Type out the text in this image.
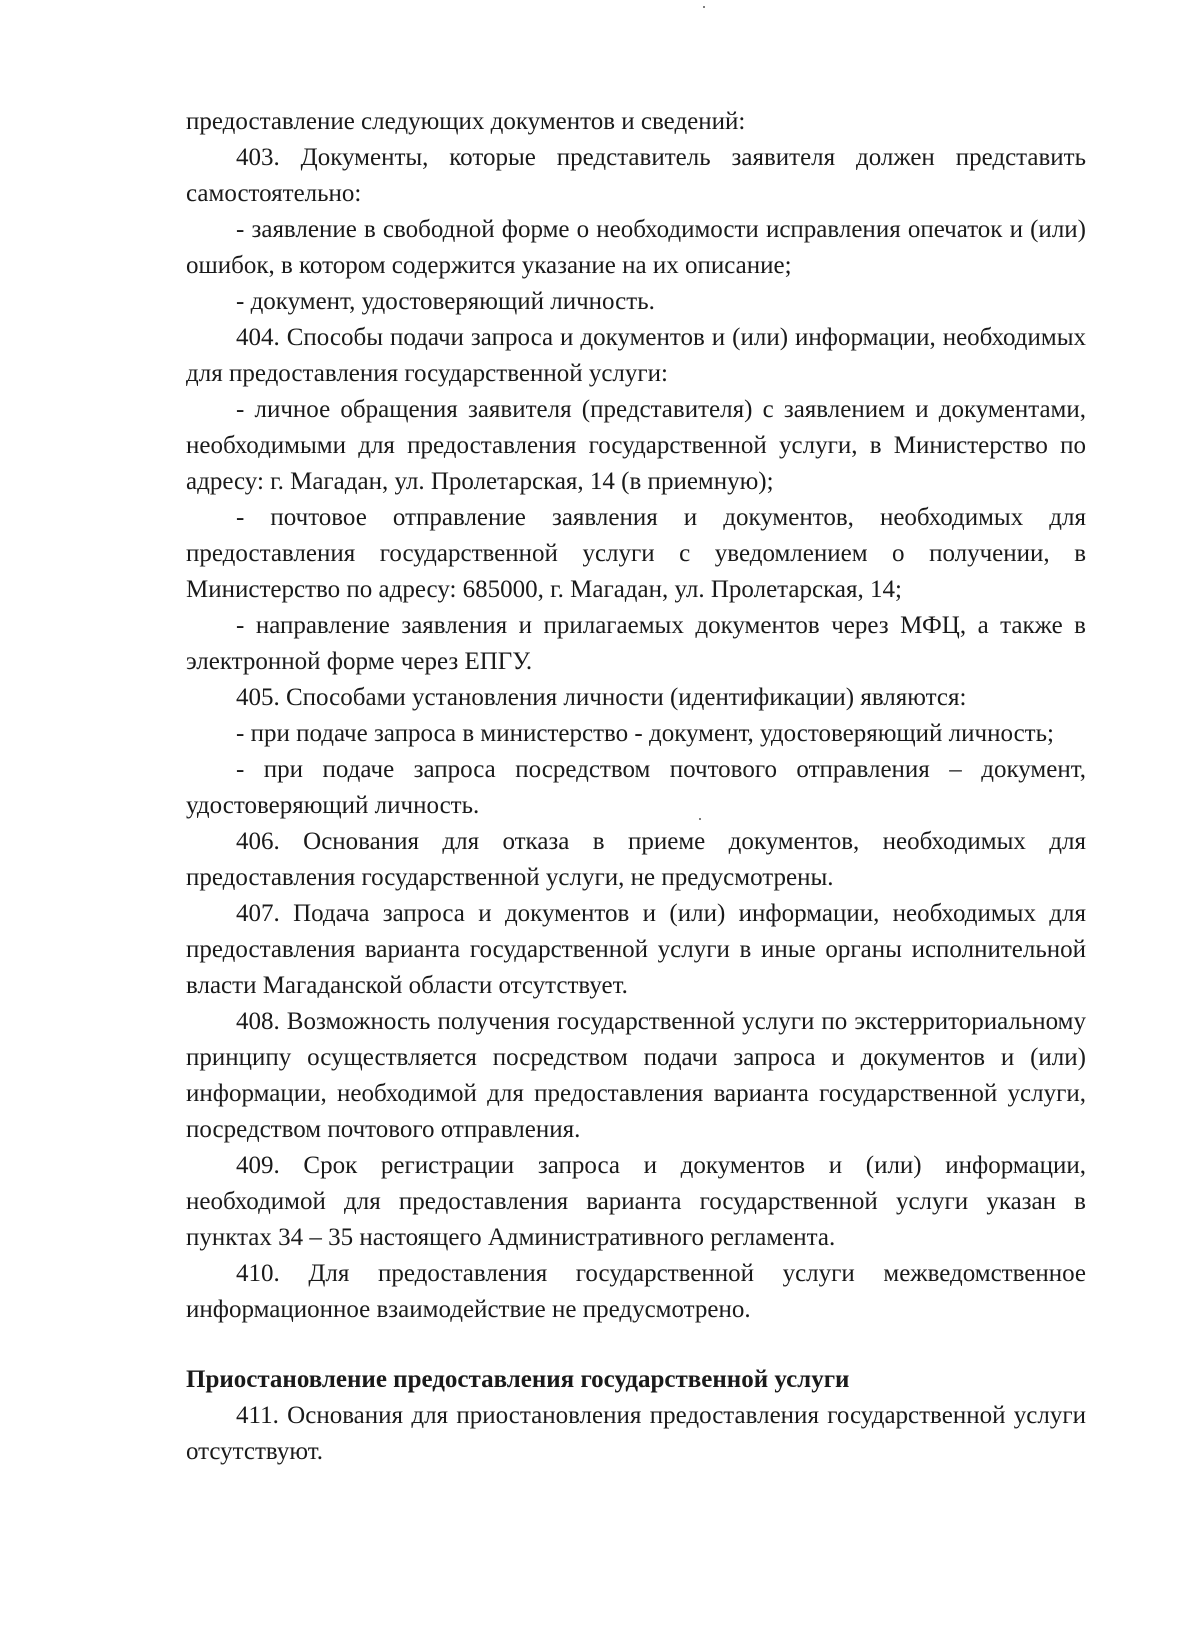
предоставление следующих документов и сведений:

403. Документы, которые представитель заявителя должен представить самостоятельно:

- заявление в свободной форме о необходимости исправления опечаток и (или) ошибок, в котором содержится указание на их описание;

- документ, удостоверяющий личность.

404. Способы подачи запроса и документов и (или) информации, необходимых для предоставления государственной услуги:

- личное обращения заявителя (представителя) с заявлением и документами, необходимыми для предоставления государственной услуги, в Министерство по адресу: г. Магадан, ул. Пролетарская, 14 (в приемную);

- почтовое отправление заявления и документов, необходимых для предоставления государственной услуги с уведомлением о получении, в Министерство по адресу: 685000, г. Магадан, ул. Пролетарская, 14;

- направление заявления и прилагаемых документов через МФЦ, а также в электронной форме через ЕПГУ.

405. Способами установления личности (идентификации) являются:

- при подаче запроса в министерство - документ, удостоверяющий личность;

- при подаче запроса посредством почтового отправления – документ, удостоверяющий личность.

406. Основания для отказа в приеме документов, необходимых для предоставления государственной услуги, не предусмотрены.

407. Подача запроса и документов и (или) информации, необходимых для предоставления варианта государственной услуги в иные органы исполнительной власти Магаданской области отсутствует.

408. Возможность получения государственной услуги по экстерриториальному принципу осуществляется посредством подачи запроса и документов и (или) информации, необходимой для предоставления варианта государственной услуги, посредством почтового отправления.

409. Срок регистрации запроса и документов и (или) информации, необходимой для предоставления варианта государственной услуги указан в пунктах 34 – 35 настоящего Административного регламента.

410. Для предоставления государственной услуги межведомственное информационное взаимодействие не предусмотрено.

Приостановление предоставления государственной услуги

411. Основания для приостановления предоставления государственной услуги отсутствуют.
